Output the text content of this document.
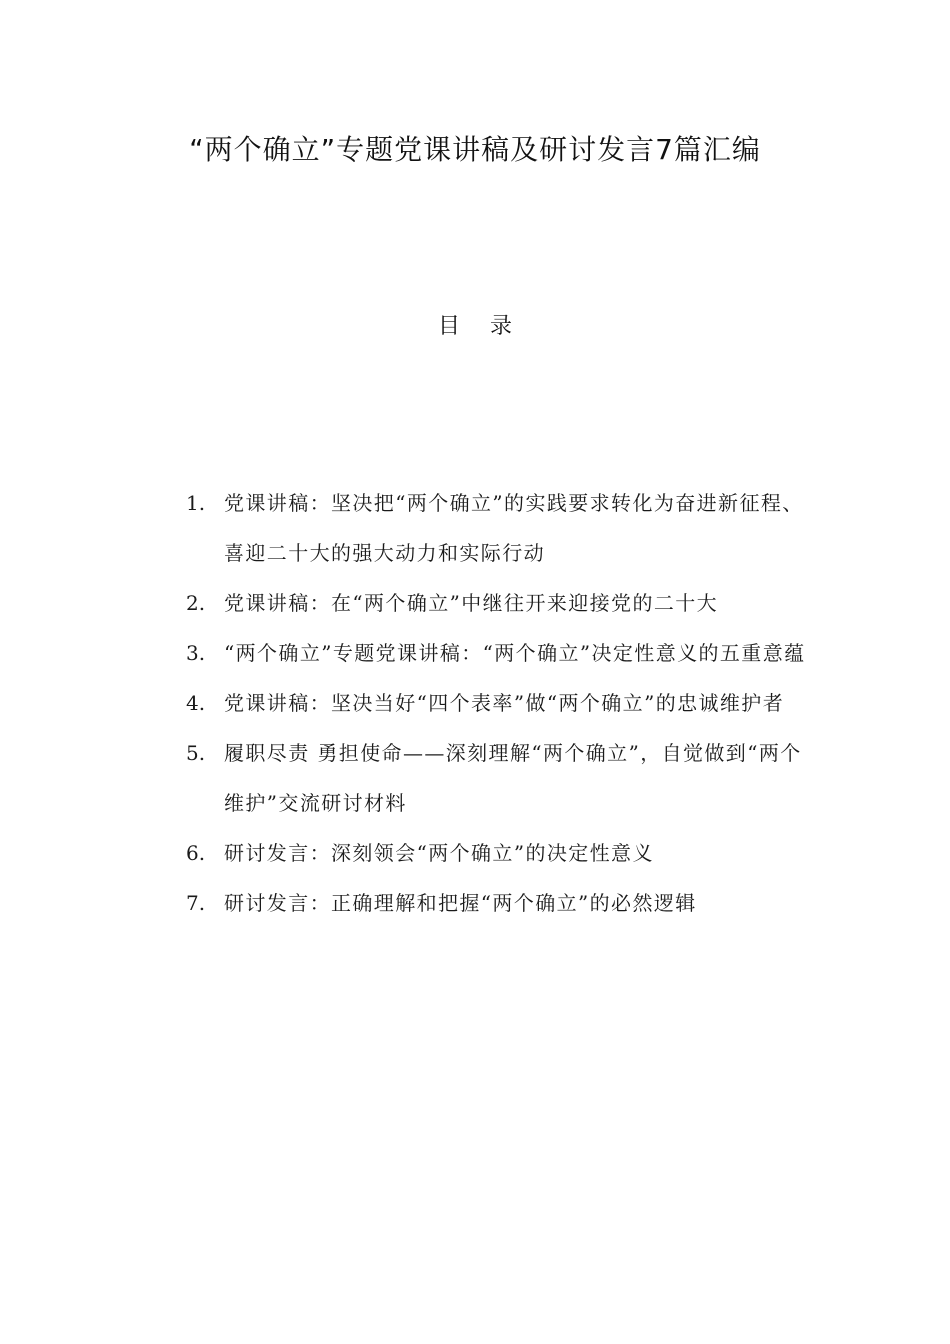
“两个确立”专题党课讲稿及研讨发言7篇汇编
目录
1. 党课讲稿：坚决把“两个确立”的实践要求转化为奋进新征程、喜迎二十大的强大动力和实际行动
2. 党课讲稿：在“两个确立”中继往开来迎接党的二十大
3. “两个确立”专题党课讲稿：“两个确立”决定性意义的五重意蕴
4. 党课讲稿：坚决当好“四个表率”做“两个确立”的忠诚维护者
5. 履职尽责 勇担使命——深刻理解“两个确立”，自觉做到“两个维护”交流研讨材料
6. 研讨发言：深刻领会“两个确立”的决定性意义
7. 研讨发言：正确理解和把握“两个确立”的必然逻辑
